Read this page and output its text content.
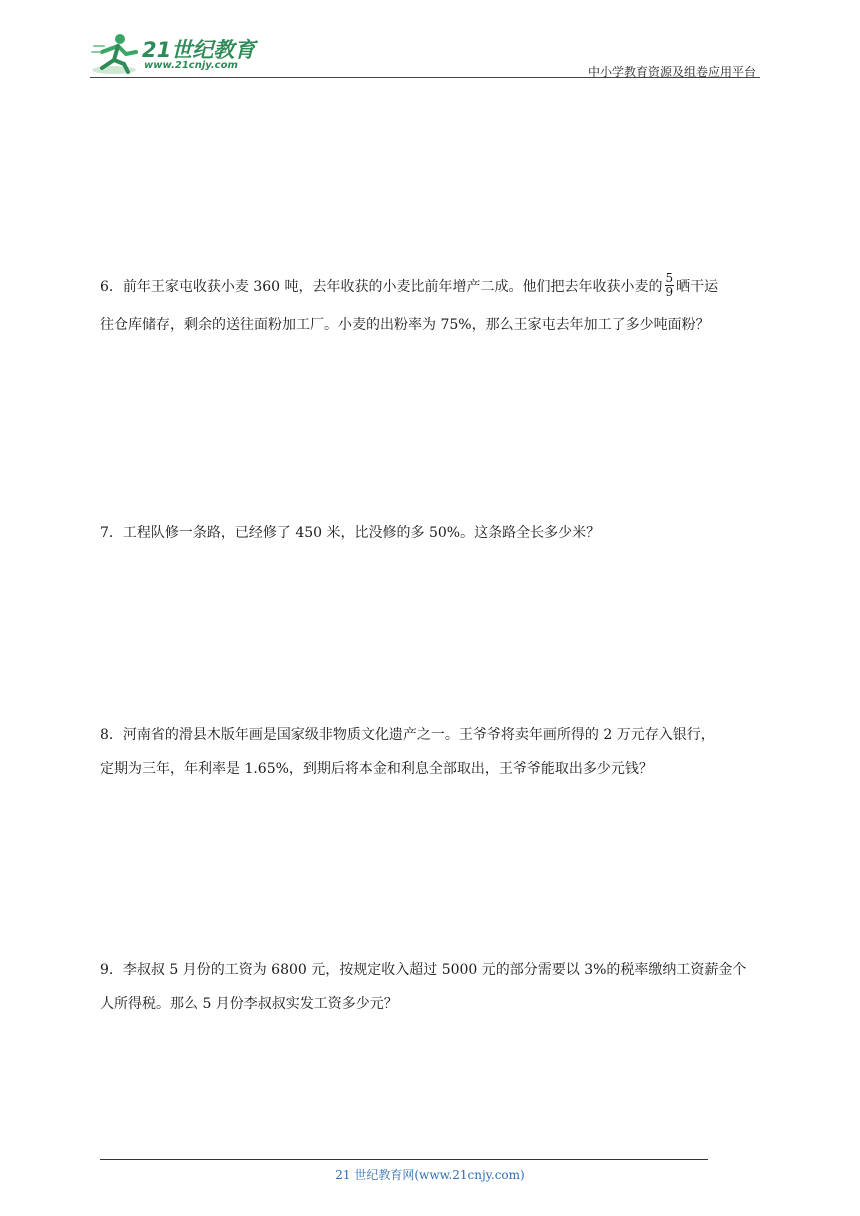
21世纪教育
www.21cnjy.com	中小学教育资源及组卷应用平台
6．前年王家屯收获小麦 360 吨，去年收获的小麦比前年增产二成。他们把去年收获小麦的 $\frac{5}{9}$ 晒干运
往仓库储存，剩余的送往面粉加工厂。小麦的出粉率为 75%，那么王家屯去年加工了多少吨面粉？
7．工程队修一条路，已经修了 450 米，比没修的多 50%。这条路全长多少米？
8．河南省的滑县木版年画是国家级非物质文化遗产之一。王爷爷将卖年画所得的 2 万元存入银行，
定期为三年，年利率是 1.65%，到期后将本金和利息全部取出，王爷爷能取出多少元钱？
9．李叔叔 5 月份的工资为 6800 元，按规定收入超过 5000 元的部分需要以 3%的税率缴纳工资薪金个
人所得税。那么 5 月份李叔叔实发工资多少元？
21 世纪教育网(www.21cnjy.com)
